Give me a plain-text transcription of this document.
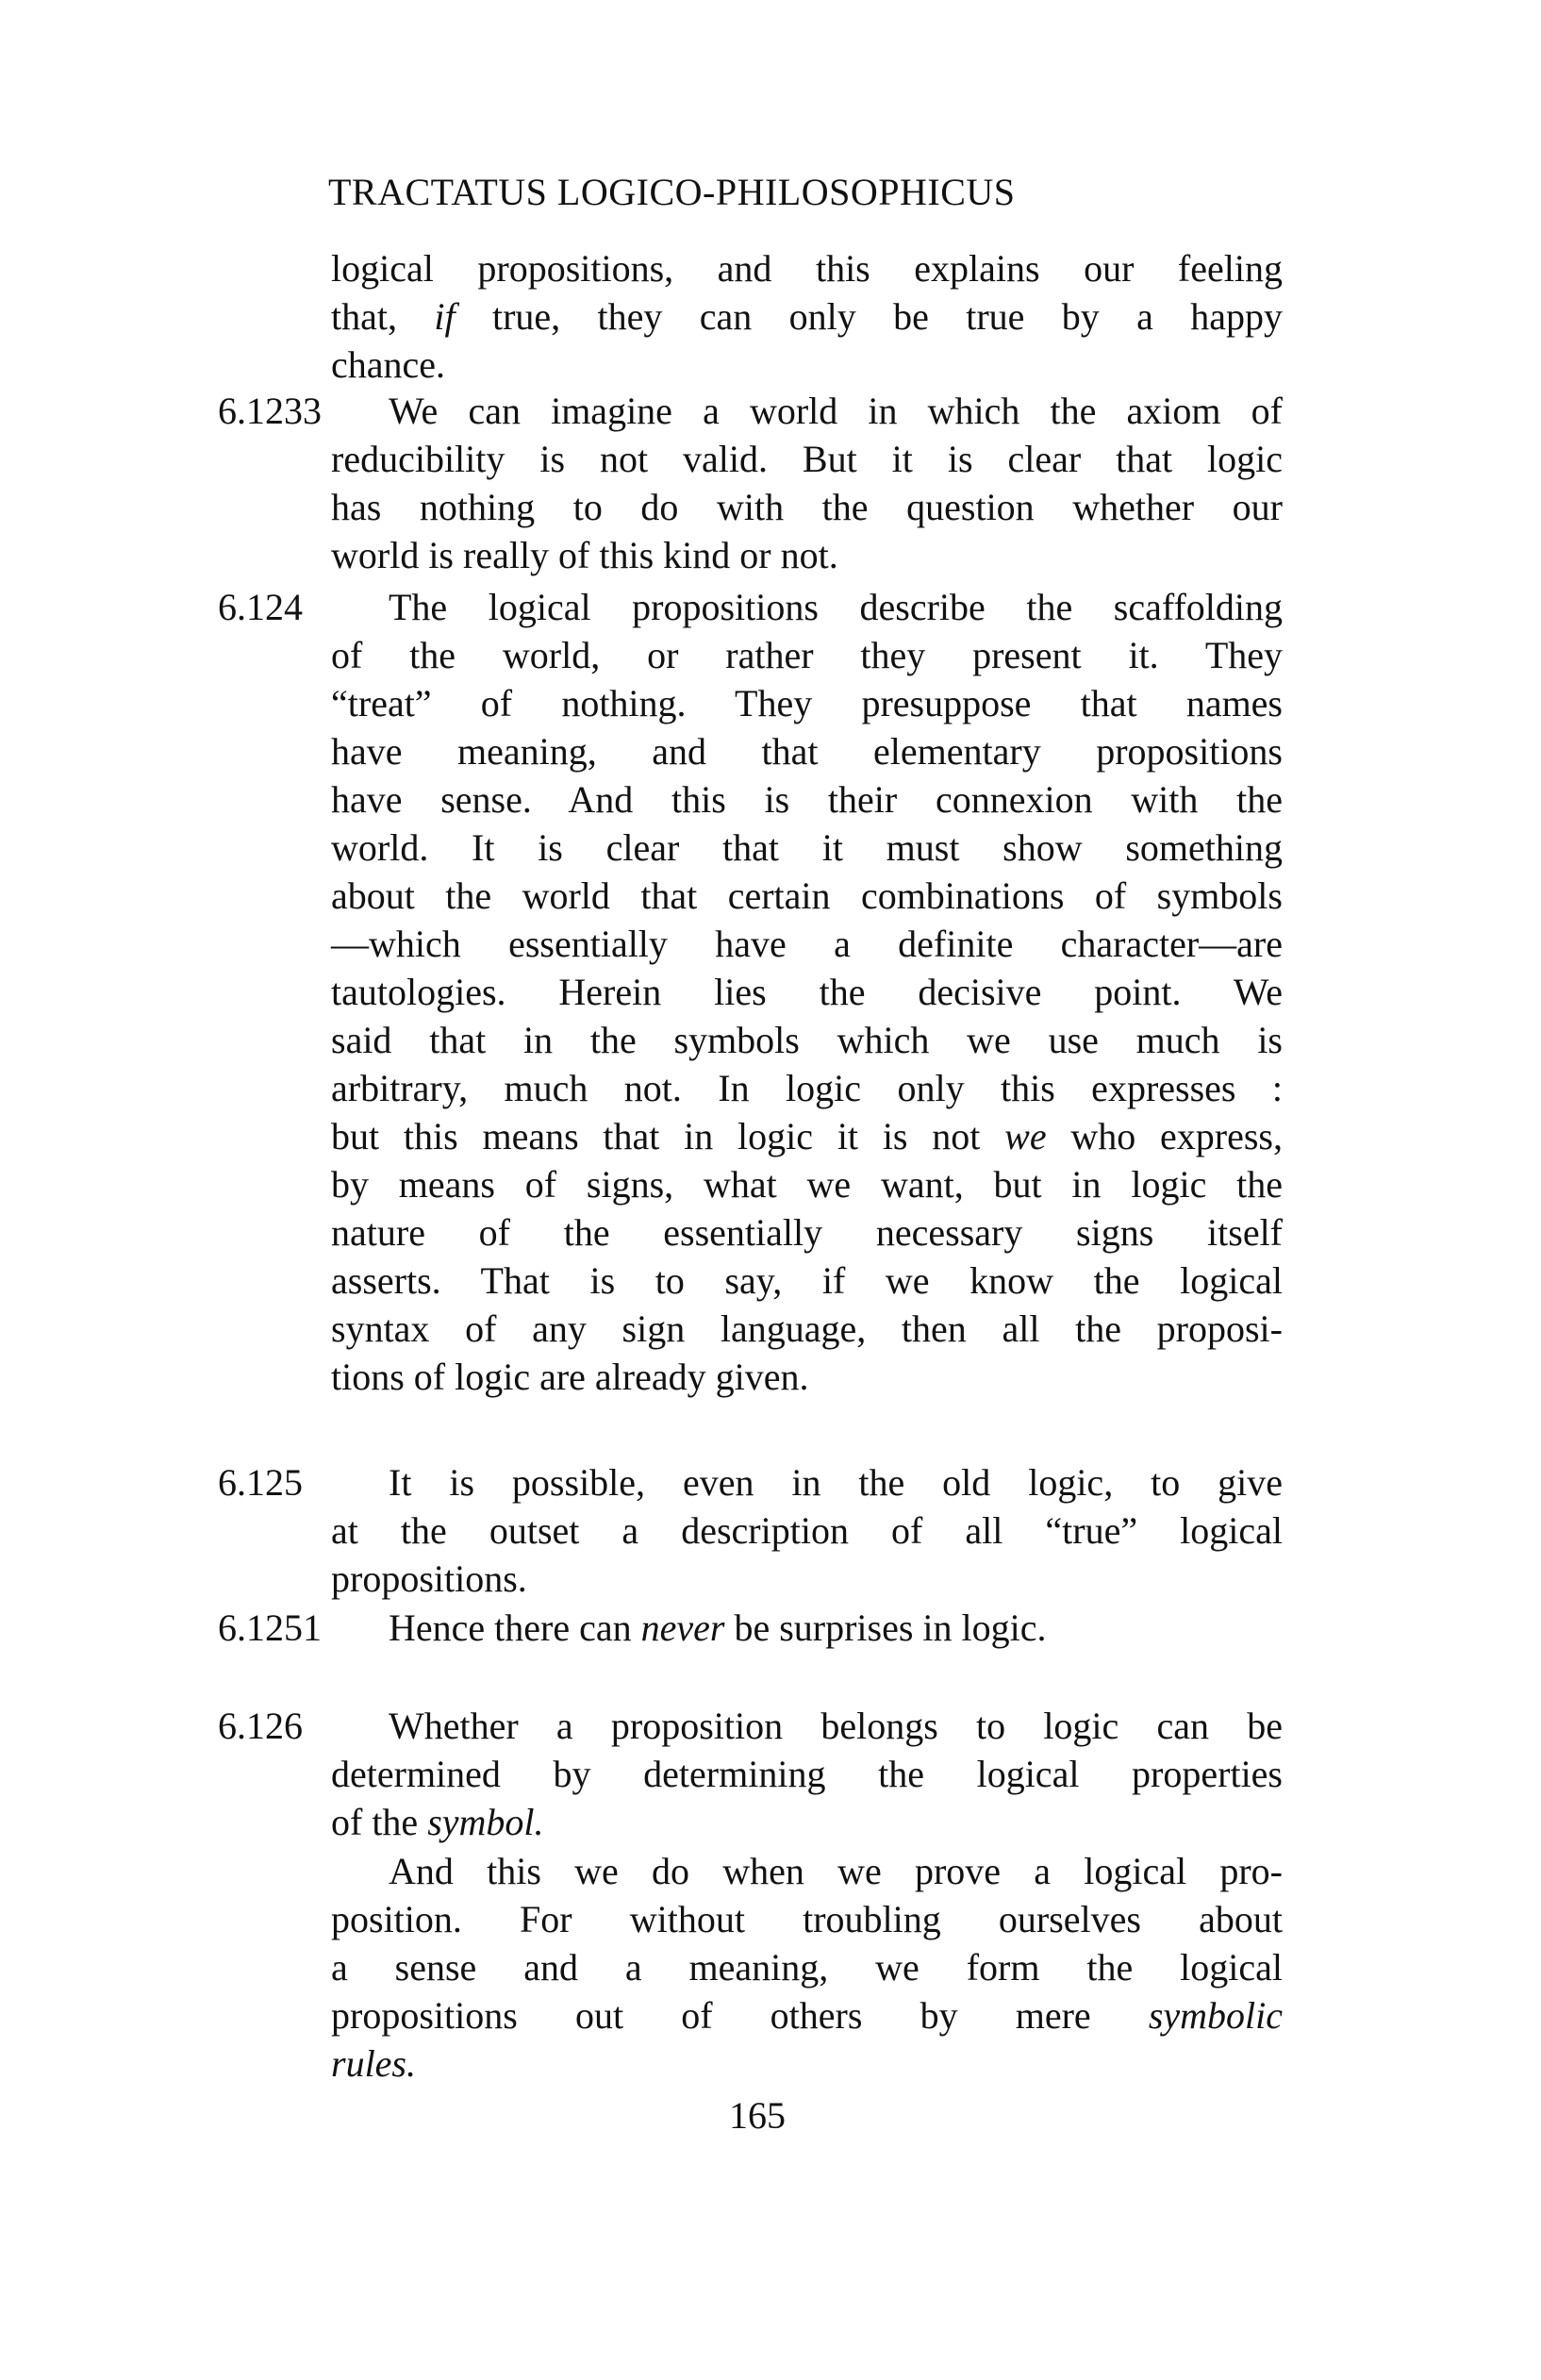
TRACTATUS LOGICO-PHILOSOPHICUS
logical propositions, and this explains our feeling
that, if true, they can only be true by a happy
chance.
6.1233	We can imagine a world in which the axiom of
reducibility is not valid. But it is clear that logic
has nothing to do with the question whether our
world is really of this kind or not.
6.124	The logical propositions describe the scaffolding
of the world, or rather they present it. They
“treat” of nothing. They presuppose that names
have meaning, and that elementary propositions
have sense. And this is their connexion with the
world. It is clear that it must show something
about the world that certain combinations of symbols
—which essentially have a definite character—are
tautologies. Herein lies the decisive point. We
said that in the symbols which we use much is
arbitrary, much not. In logic only this expresses :
but this means that in logic it is not we who express,
by means of signs, what we want, but in logic the
nature of the essentially necessary signs itself
asserts. That is to say, if we know the logical
syntax of any sign language, then all the proposi-
tions of logic are already given.
6.125	It is possible, even in the old logic, to give
at the outset a description of all “true” logical
propositions.
6.1251	Hence there can never be surprises in logic.
6.126	Whether a proposition belongs to logic can be
determined by determining the logical properties
of the symbol.
And this we do when we prove a logical pro-
position. For without troubling ourselves about
a sense and a meaning, we form the logical
propositions out of others by mere symbolic
rules.
165
